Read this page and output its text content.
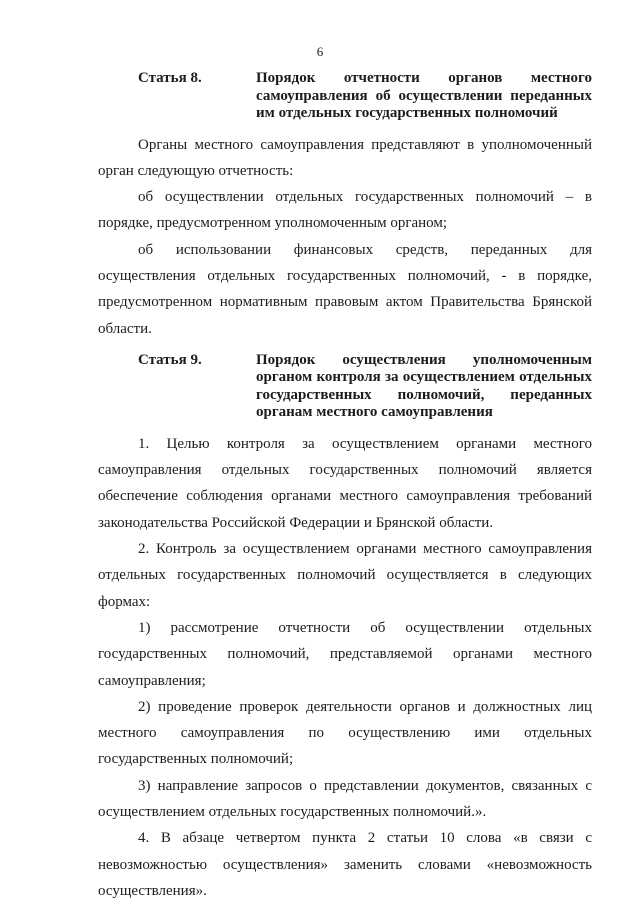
6
Статья 8.	Порядок отчетности органов местного самоуправления об осуществлении переданных им отдельных государственных полномочий

Органы местного самоуправления представляют в уполномоченный орган следующую отчетность:

об осуществлении отдельных государственных полномочий – в порядке, предусмотренном уполномоченным органом;

об использовании финансовых средств, переданных для осуществления отдельных государственных полномочий, - в порядке, предусмотренном нормативным правовым актом Правительства Брянской области.

Статья 9.	Порядок осуществления уполномоченным органом контроля за осуществлением отдельных государственных полномочий, переданных органам местного самоуправления

1. Целью контроля за осуществлением органами местного самоуправления отдельных государственных полномочий является обеспечение соблюдения органами местного самоуправления требований законодательства Российской Федерации и Брянской области.

2. Контроль за осуществлением органами местного самоуправления отдельных государственных полномочий осуществляется в следующих формах:

1) рассмотрение отчетности об осуществлении отдельных государственных полномочий, представляемой органами местного самоуправления;

2) проведение проверок деятельности органов и должностных лиц местного самоуправления по осуществлению ими отдельных государственных полномочий;

3) направление запросов о представлении документов, связанных с осуществлением отдельных государственных полномочий.».

4. В абзаце четвертом пункта 2 статьи 10 слова «в связи с невозможностью осуществления» заменить словами «невозможность осуществления».
